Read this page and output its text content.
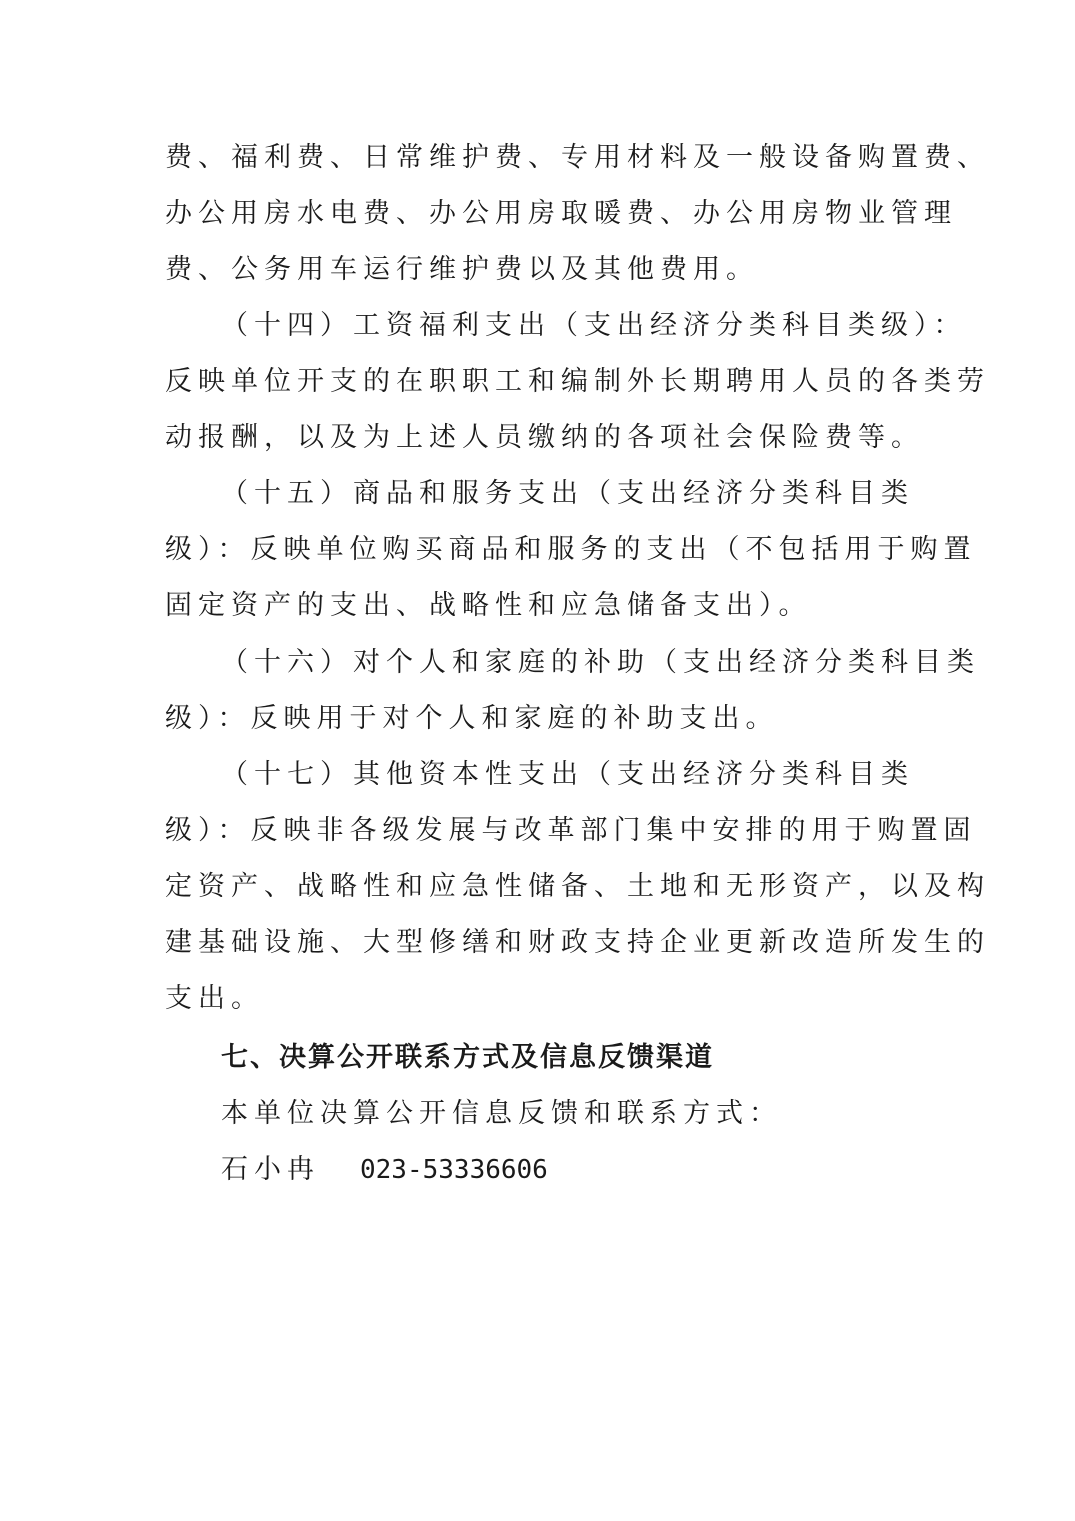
费、福利费、日常维护费、专用材料及一般设备购置费、
办公用房水电费、办公用房取暖费、办公用房物业管理
费、公务用车运行维护费以及其他费用。
（十四）工资福利支出（支出经济分类科目类级）：
反映单位开支的在职职工和编制外长期聘用人员的各类劳
动报酬，以及为上述人员缴纳的各项社会保险费等。
（十五）商品和服务支出（支出经济分类科目类
级）：反映单位购买商品和服务的支出（不包括用于购置
固定资产的支出、战略性和应急储备支出）。
（十六）对个人和家庭的补助（支出经济分类科目类
级）：反映用于对个人和家庭的补助支出。
（十七）其他资本性支出（支出经济分类科目类
级）：反映非各级发展与改革部门集中安排的用于购置固
定资产、战略性和应急性储备、土地和无形资产，以及构
建基础设施、大型修缮和财政支持企业更新改造所发生的
支出。
七、决算公开联系方式及信息反馈渠道
本单位决算公开信息反馈和联系方式：
石小冉 023-53336606
